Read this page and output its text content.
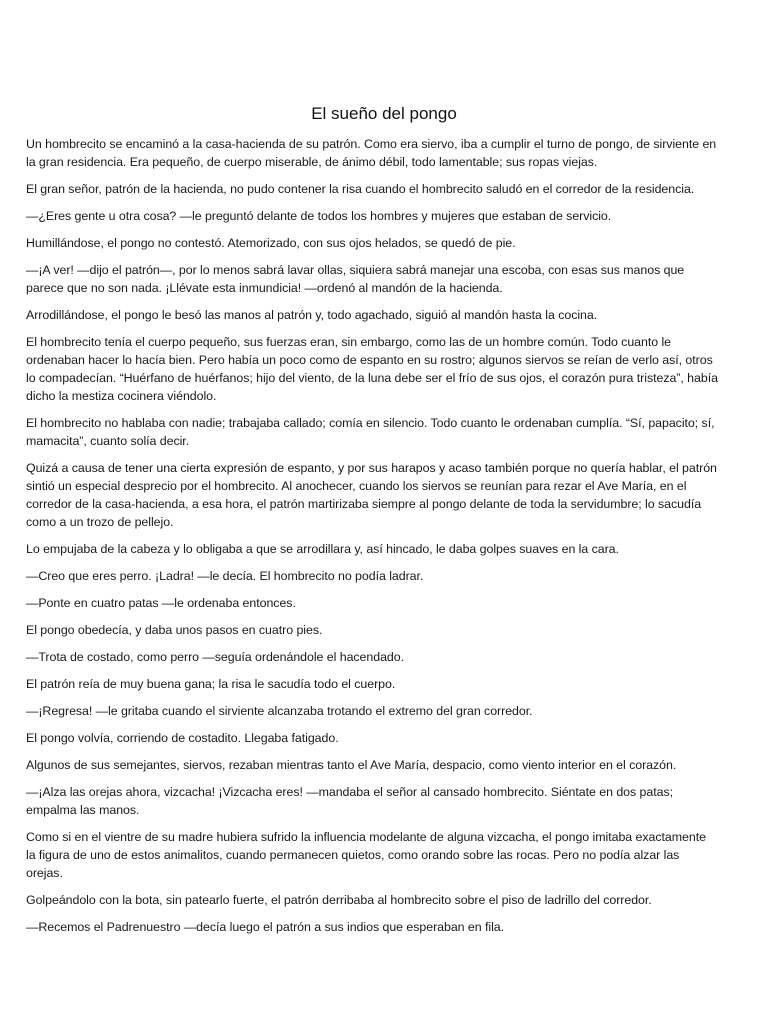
El sueño del pongo

Un hombrecito se encaminó a la casa-hacienda de su patrón. Como era siervo, iba a cumplir el turno de pongo, de sirviente en la gran residencia. Era pequeño, de cuerpo miserable, de ánimo débil, todo lamentable; sus ropas viejas.

El gran señor, patrón de la hacienda, no pudo contener la risa cuando el hombrecito saludó en el corredor de la residencia.

—¿Eres gente u otra cosa? —le preguntó delante de todos los hombres y mujeres que estaban de servicio.

Humillándose, el pongo no contestó. Atemorizado, con sus ojos helados, se quedó de pie.

—¡A ver! —dijo el patrón—, por lo menos sabrá lavar ollas, siquiera sabrá manejar una escoba, con esas sus manos que parece que no son nada. ¡Llévate esta inmundicia! —ordenó al mandón de la hacienda.

Arrodillándose, el pongo le besó las manos al patrón y, todo agachado, siguió al mandón hasta la cocina.

El hombrecito tenía el cuerpo pequeño, sus fuerzas eran, sin embargo, como las de un hombre común. Todo cuanto le ordenaban hacer lo hacía bien. Pero había un poco como de espanto en su rostro; algunos siervos se reían de verlo así, otros lo compadecían. “Huérfano de huérfanos; hijo del viento, de la luna debe ser el frío de sus ojos, el corazón pura tristeza”, había dicho la mestiza cocinera viéndolo.

El hombrecito no hablaba con nadie; trabajaba callado; comía en silencio. Todo cuanto le ordenaban cumplía. “Sí, papacito; sí, mamacita”, cuanto solía decir.

Quizá a causa de tener una cierta expresión de espanto, y por sus harapos y acaso también porque no quería hablar, el patrón sintió un especial desprecio por el hombrecito. Al anochecer, cuando los siervos se reunían para rezar el Ave María, en el corredor de la casa-hacienda, a esa hora, el patrón martirizaba siempre al pongo delante de toda la servidumbre; lo sacudía como a un trozo de pellejo.

Lo empujaba de la cabeza y lo obligaba a que se arrodillara y, así hincado, le daba golpes suaves en la cara.

—Creo que eres perro. ¡Ladra! —le decía. El hombrecito no podía ladrar.

—Ponte en cuatro patas —le ordenaba entonces.

El pongo obedecía, y daba unos pasos en cuatro pies.

—Trota de costado, como perro —seguía ordenándole el hacendado.

El patrón reía de muy buena gana; la risa le sacudía todo el cuerpo.

—¡Regresa! —le gritaba cuando el sirviente alcanzaba trotando el extremo del gran corredor.

El pongo volvía, corriendo de costadito. Llegaba fatigado.

Algunos de sus semejantes, siervos, rezaban mientras tanto el Ave María, despacio, como viento interior en el corazón.

—¡Alza las orejas ahora, vizcacha! ¡Vizcacha eres! —mandaba el señor al cansado hombrecito. Siéntate en dos patas; empalma las manos.

Como si en el vientre de su madre hubiera sufrido la influencia modelante de alguna vizcacha, el pongo imitaba exactamente la figura de uno de estos animalitos, cuando permanecen quietos, como orando sobre las rocas. Pero no podía alzar las orejas.

Golpeándolo con la bota, sin patearlo fuerte, el patrón derribaba al hombrecito sobre el piso de ladrillo del corredor.

—Recemos el Padrenuestro —decía luego el patrón a sus indios que esperaban en fila.
